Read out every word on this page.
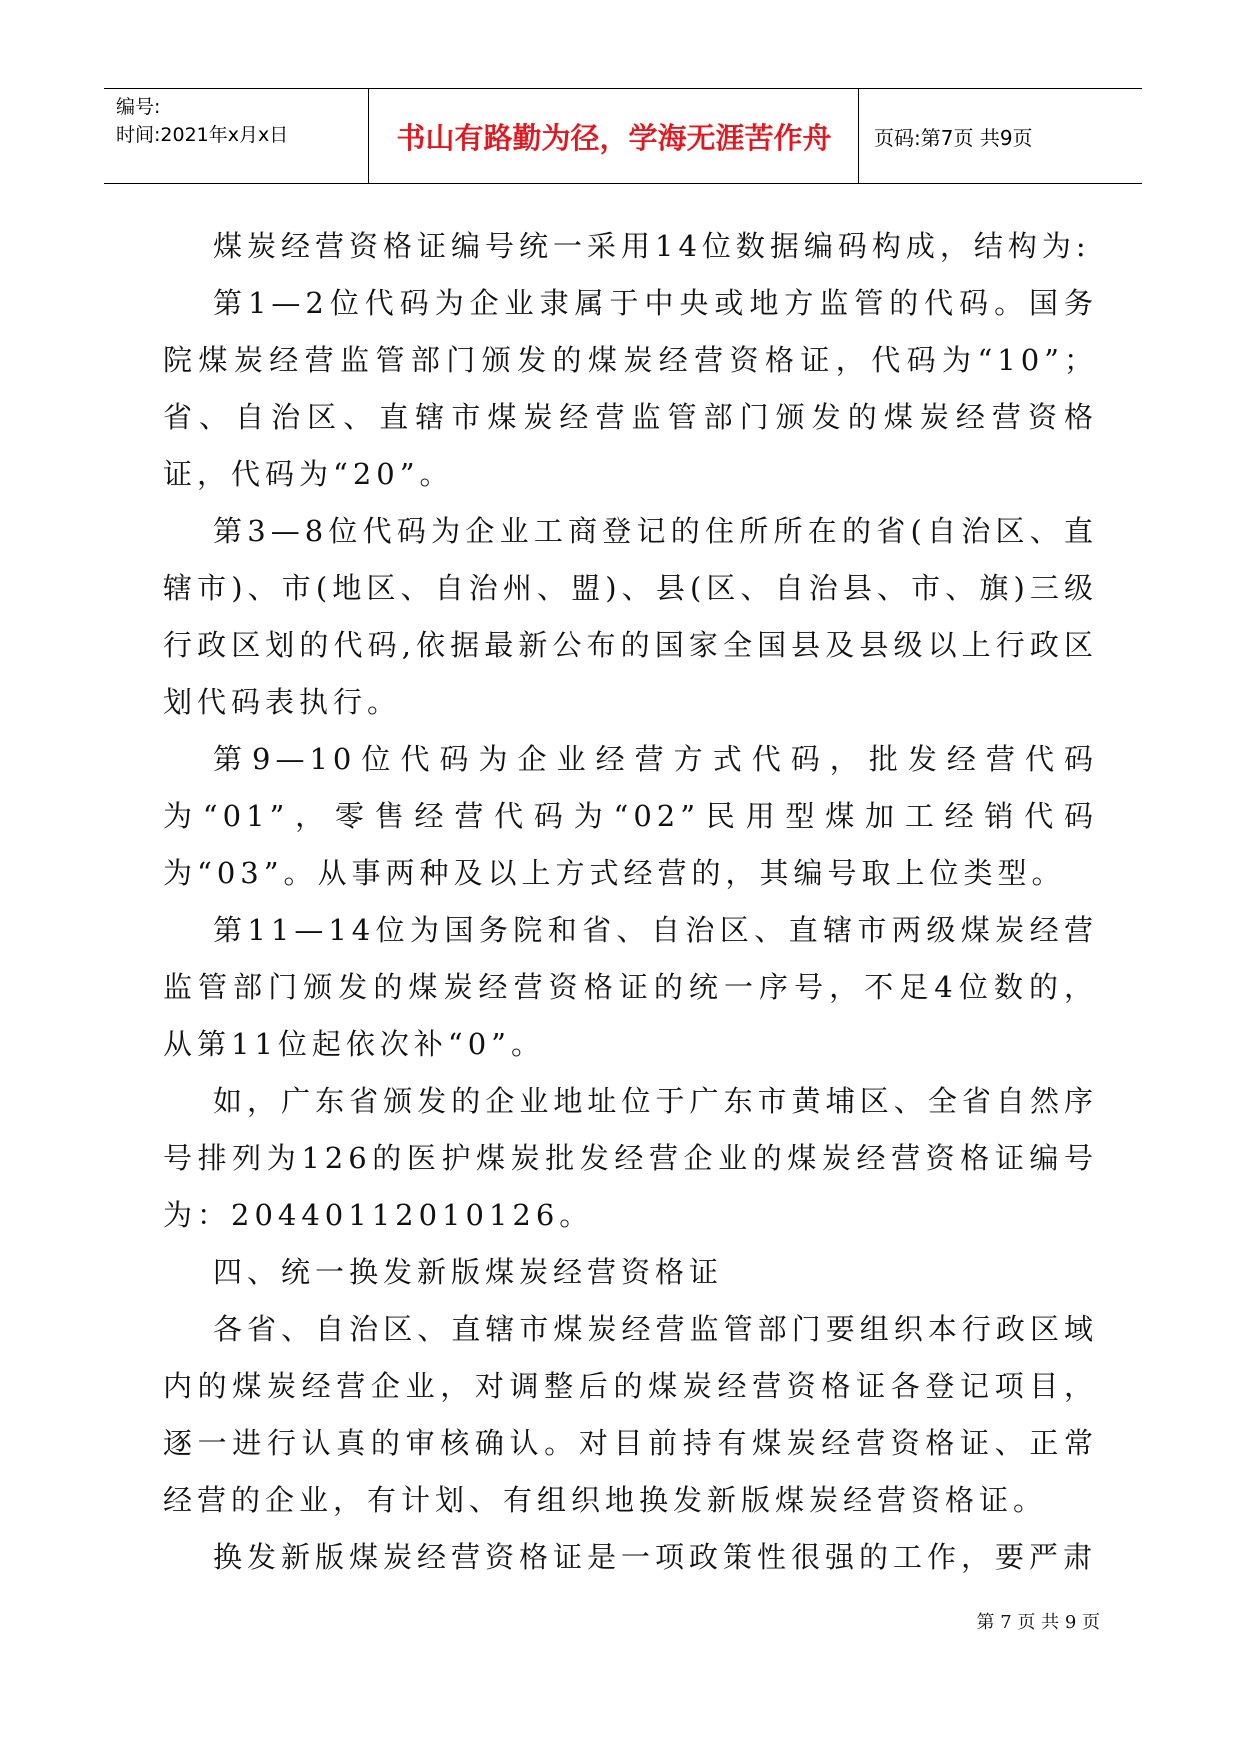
编号:
时间:2021年x月x日	书山有路勤为径，学海无涯苦作舟	页码:第7页 共9页

煤炭经营资格证编号统一采用14位数据编码构成，结构为:

第1—2位代码为企业隶属于中央或地方监管的代码。国务院煤炭经营监管部门颁发的煤炭经营资格证，代码为“10”；省、自治区、直辖市煤炭经营监管部门颁发的煤炭经营资格证，代码为“20”。

第3—8位代码为企业工商登记的住所所在的省(自治区、直辖市)、市(地区、自治州、盟)、县(区、自治县、市、旗)三级行政区划的代码,依据最新公布的国家全国县及县级以上行政区划代码表执行。

第9—10位代码为企业经营方式代码，批发经营代码为“01”，零售经营代码为“02”民用型煤加工经销代码为“03”。从事两种及以上方式经营的，其编号取上位类型。

第11—14位为国务院和省、自治区、直辖市两级煤炭经营监管部门颁发的煤炭经营资格证的统一序号，不足4位数的，从第11位起依次补“0”。

如，广东省颁发的企业地址位于广东市黄埔区、全省自然序号排列为126的医护煤炭批发经营企业的煤炭经营资格证编号为：20440112010126。

四、统一换发新版煤炭经营资格证

各省、自治区、直辖市煤炭经营监管部门要组织本行政区域内的煤炭经营企业，对调整后的煤炭经营资格证各登记项目，逐一进行认真的审核确认。对目前持有煤炭经营资格证、正常经营的企业，有计划、有组织地换发新版煤炭经营资格证。

换发新版煤炭经营资格证是一项政策性很强的工作，要严肃

第 7 页 共 9 页
